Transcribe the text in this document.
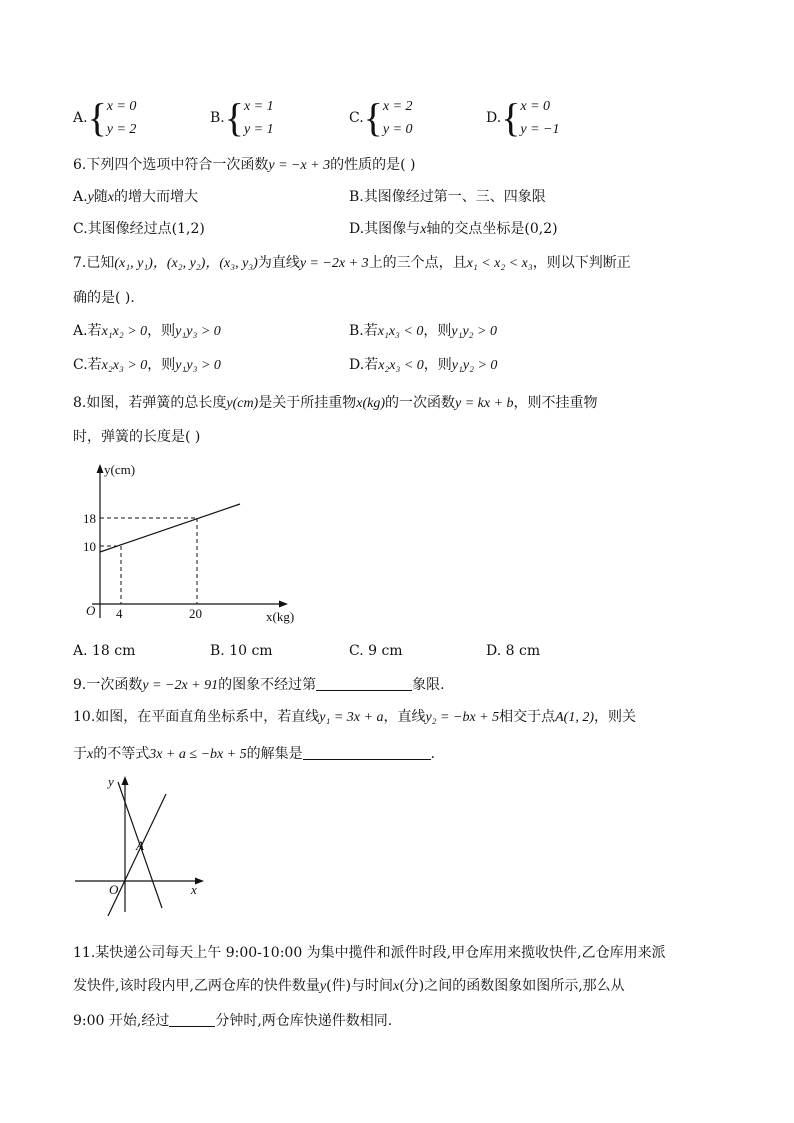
A.{ x = 0
y = 2
B.{ x = 1
y = 1
C.{ x = 2
y = 0
D.{ x = 0
y = −1
6.下列四个选项中符合一次函数y = −x + 3的性质的是( )
A.y随x的增大而增大	B.其图像经过第一、三、四象限
C.其图像经过点(1,2)	D.其图像与x轴的交点坐标是(0,2)
7.已知(x₁, y₁)，(x₂, y₂)，(x₃, y₃)为直线y = −2x + 3上的三个点，且x₁ < x₂ < x₃，则以下判断正
确的是( ).
A.若x₁x₂ > 0，则y₁y₃ > 0	B.若x₁x₃ < 0，则y₁y₂ > 0
C.若x₂x₃ > 0，则y₁y₃ > 0	D.若x₂x₃ < 0，则y₁y₂ > 0
8.如图，若弹簧的总长度y(cm)是关于所挂重物x(kg)的一次函数y = kx + b，则不挂重物
时，弹簧的长度是( )
y(cm)
x(kg)
O
18
10
4	20
A. 18 cm	B. 10 cm	C. 9 cm	D. 8 cm
9.一次函数y = −2x + 91的图象不经过第	象限.
10.如图，在平面直角坐标系中，若直线y₁ = 3x + a，直线y₂ = −bx + 5相交于点A(1, 2)，则关
于x的不等式3x + a ≤ −bx + 5的解集是	.
y
x
O
A
11.某快递公司每天上午 9:00-10:00 为集中揽件和派件时段,甲仓库用来揽收快件,乙仓库用来派
发快件,该时段内甲,乙两仓库的快件数量y(件)与时间x(分)之间的函数图象如图所示,那么从
9:00 开始,经过	分钟时,两仓库快递件数相同.
